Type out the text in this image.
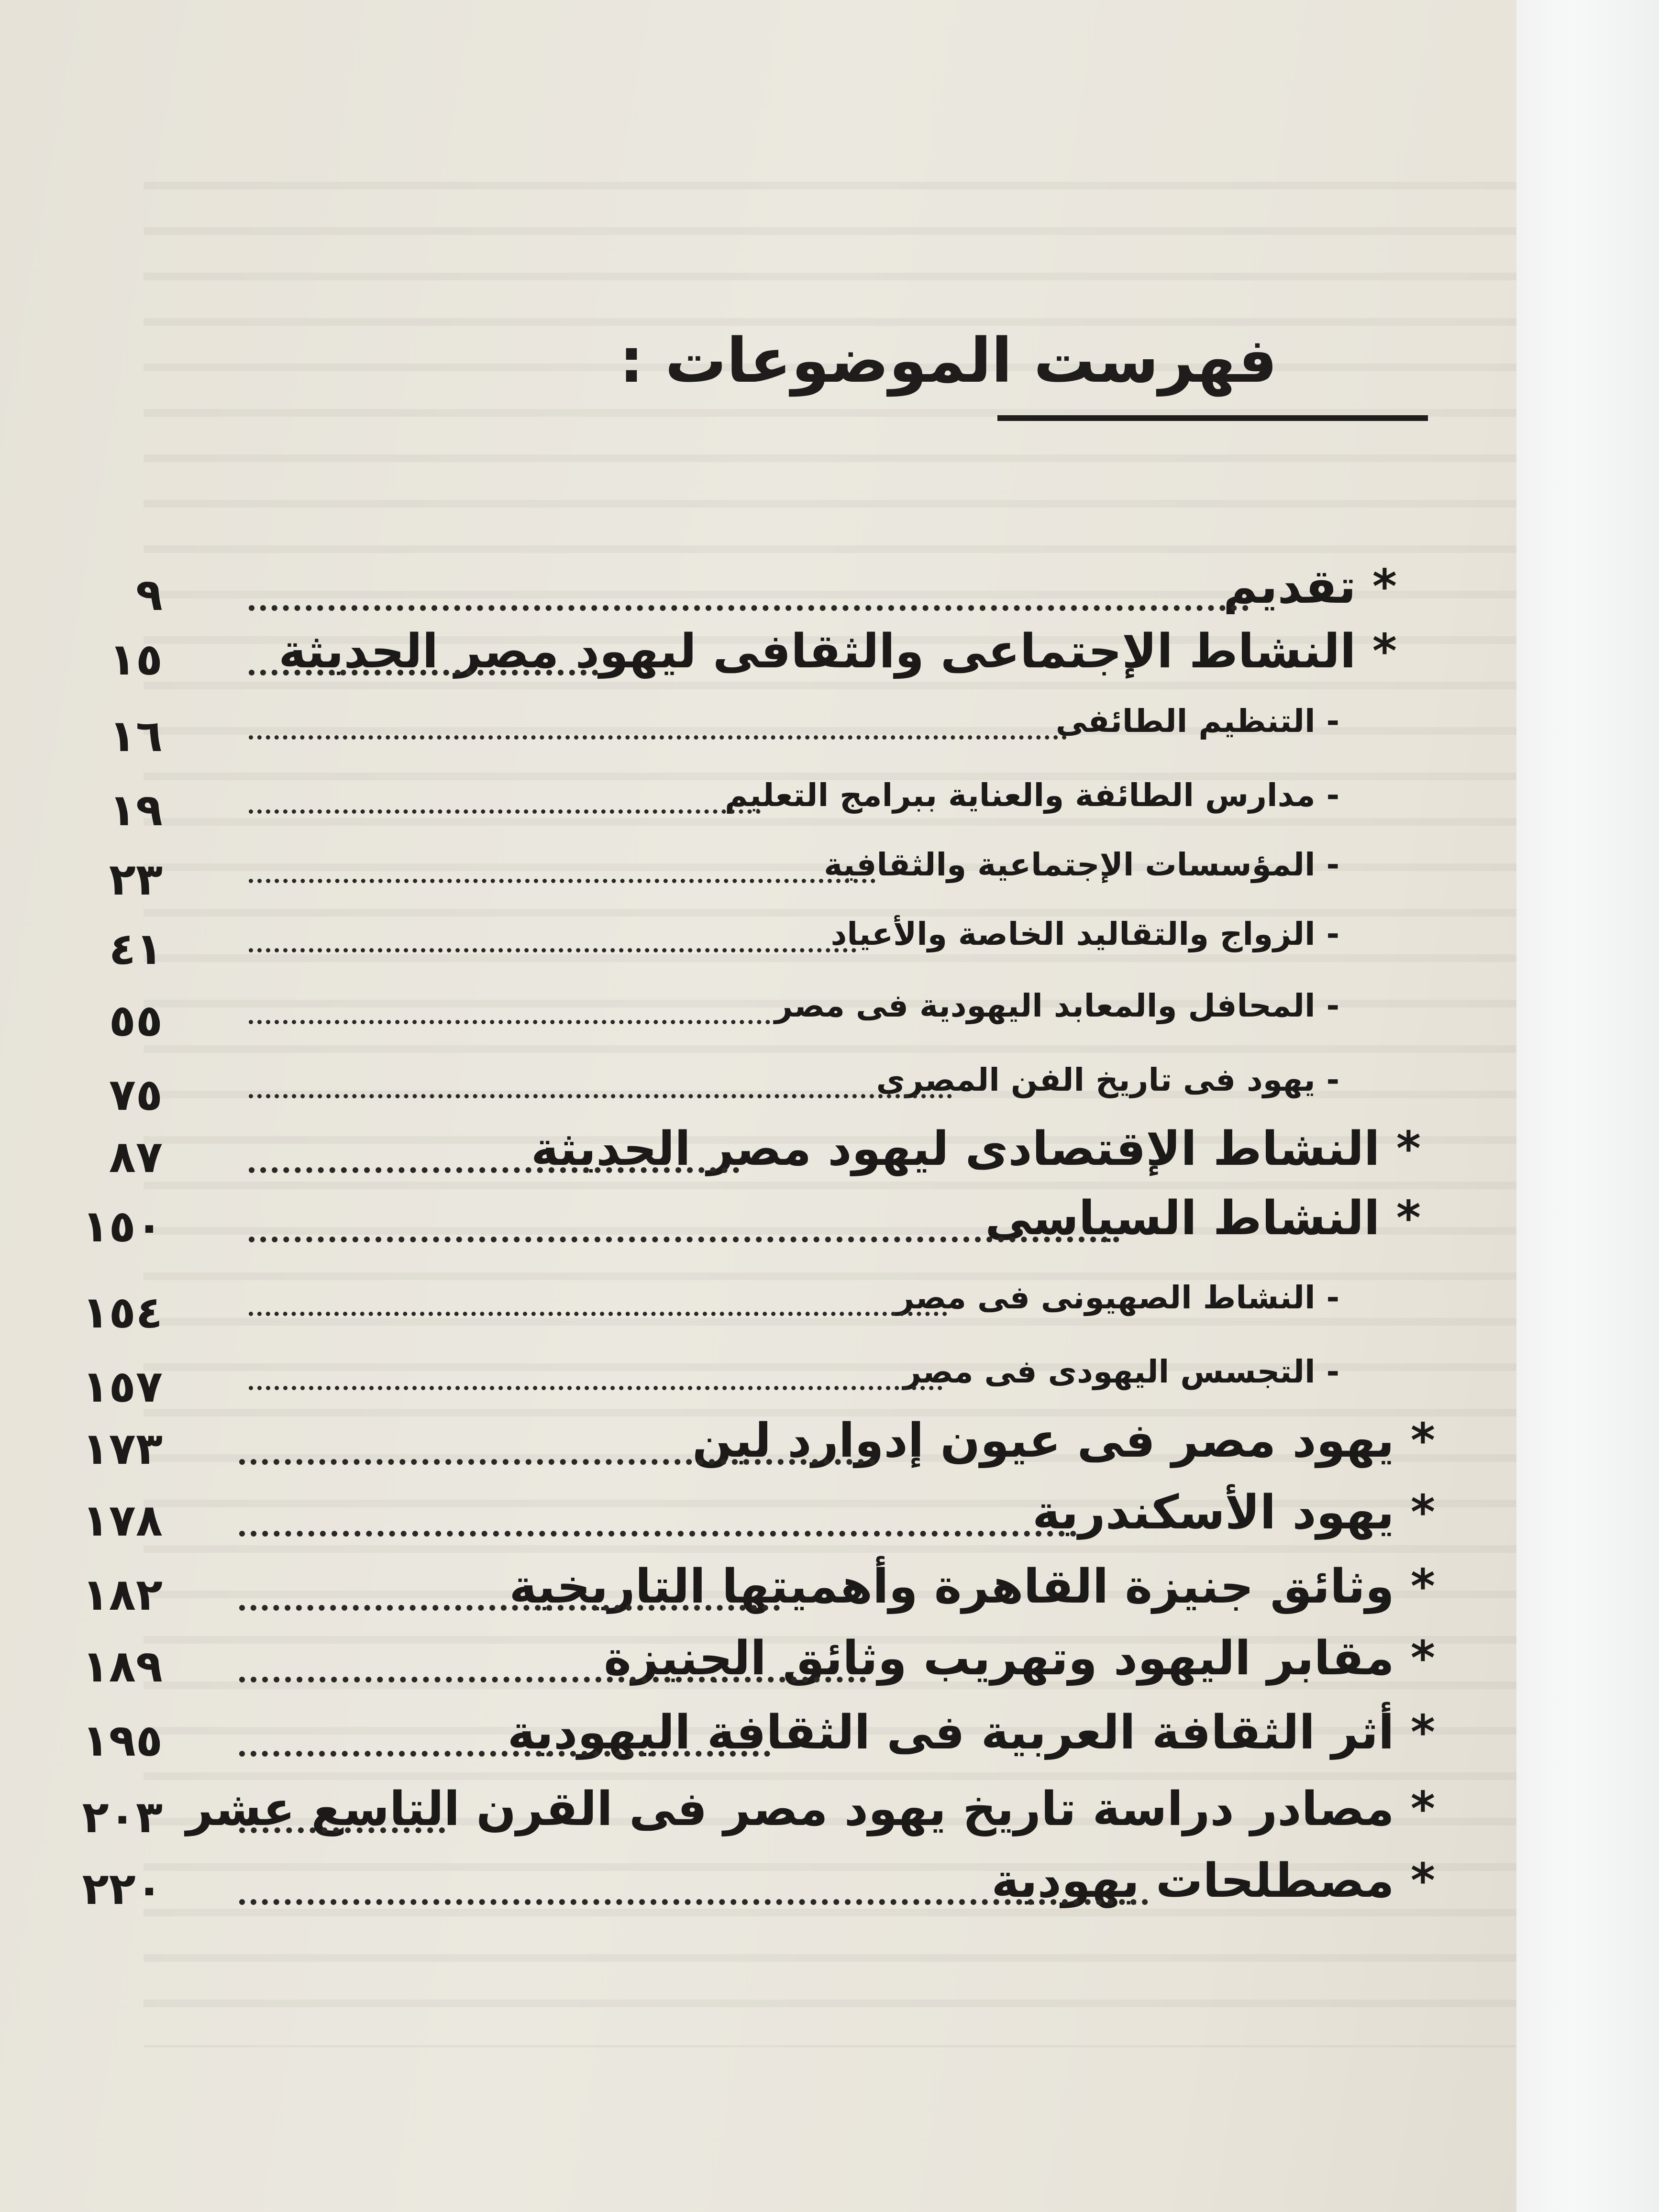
فهرست الموضوعات :
* تقديم
٩
* النشاط الإجتماعى والثقافى ليهود مصر الحديثة
١٥
- التنظيم الطائفى
١٦
- مدارس الطائفة والعناية ببرامج التعليم
١٩
- المؤسسات الإجتماعية والثقافية
٢٣
- الزواج والتقاليد الخاصة والأعياد
٤١
- المحافل والمعابد اليهودية فى مصر
٥٥
- يهود فى تاريخ الفن المصرى
٧٥
* النشاط الإقتصادى ليهود مصر الحديثة
٨٧
* النشاط السياسى
١٥٠
- النشاط الصهيونى فى مصر
١٥٤
- التجسس اليهودى فى مصر
١٥٧
* يهود مصر فى عيون إدوارد لين
١٧٣
* يهود الأسكندرية
١٧٨
* وثائق جنيزة القاهرة وأهميتها التاريخية
١٨٢
* مقابر اليهود وتهريب وثائق الجنيزة
١٨٩
* أثر الثقافة العربية فى الثقافة اليهودية
١٩٥
* مصادر دراسة تاريخ يهود مصر فى القرن التاسع عشر
٢٠٣
* مصطلحات يهودية
٢٢٠
